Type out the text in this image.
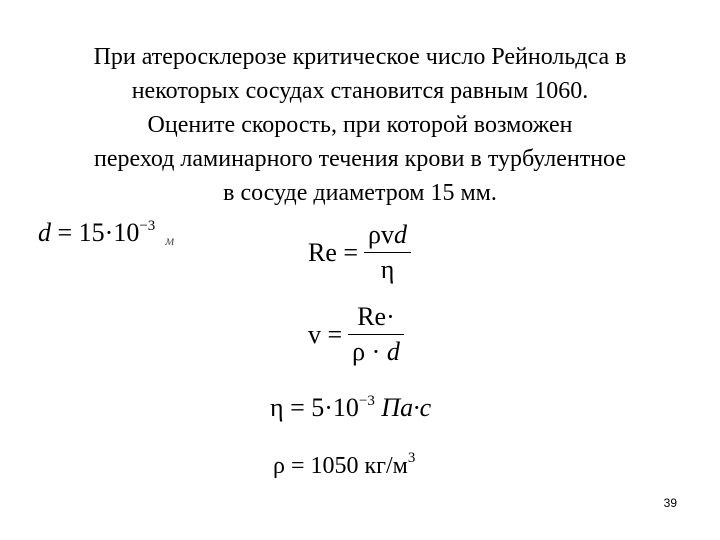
При атеросклерозе критическое число Рейнольдса в
некоторых сосудах становится равным 1060.
Оцените скорость, при которой возможен
переход ламинарного течения крови в турбулентное
в сосуде диаметром 15 мм.
$d = 15\cdot 10^{-3}м$	$Re = \frac{\text{ρvd}}{\eta}$
$v = \frac{Re\cdot}{\rho \cdot d}$
$\eta = 5\cdot 10^{-3}$ Па·с
ρ = 1050 $кг/м^3$
39
